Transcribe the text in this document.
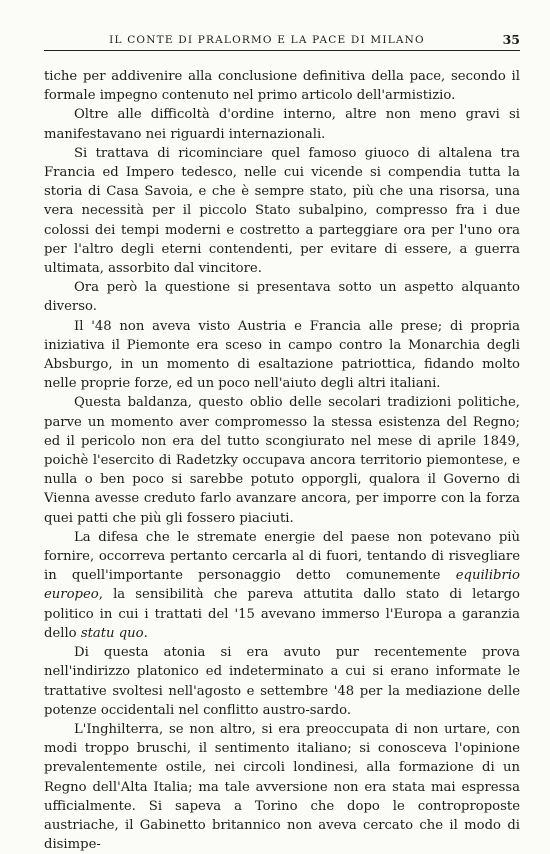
IL CONTE DI PRALORMO E LA PACE DI MILANO	35

tiche per addivenire alla conclusione definitiva della pace, secondo il formale impegno contenuto nel primo articolo dell'armistizio.

Oltre alle difficoltà d'ordine interno, altre non meno gravi si manifestavano nei riguardi internazionali.

Si trattava di ricominciare quel famoso giuoco di altalena tra Francia ed Impero tedesco, nelle cui vicende si compendia tutta la storia di Casa Savoia, e che è sempre stato, più che una risorsa, una vera necessità per il piccolo Stato subalpino, compresso fra i due colossi dei tempi moderni e costretto a parteggiare ora per l'uno ora per l'altro degli eterni contendenti, per evitare di essere, a guerra ultimata, assorbito dal vincitore.

Ora però la questione si presentava sotto un aspetto alquanto diverso.

Il '48 non aveva visto Austria e Francia alle prese; di propria iniziativa il Piemonte era sceso in campo contro la Monarchia degli Absburgo, in un momento di esaltazione patriottica, fidando molto nelle proprie forze, ed un poco nell'aiuto degli altri italiani.

Questa baldanza, questo oblio delle secolari tradizioni politiche, parve un momento aver compromesso la stessa esistenza del Regno; ed il pericolo non era del tutto scongiurato nel mese di aprile 1849, poichè l'esercito di Radetzky occupava ancora territorio piemontese, e nulla o ben poco si sarebbe potuto opporgli, qualora il Governo di Vienna avesse creduto farlo avanzare ancora, per imporre con la forza quei patti che più gli fossero piaciuti.

La difesa che le stremate energie del paese non potevano più fornire, occorreva pertanto cercarla al di fuori, tentando di risvegliare in quell'importante personaggio detto comunemente equilibrio europeo, la sensibilità che pareva attutita dallo stato di letargo politico in cui i trattati del '15 avevano immerso l'Europa a garanzia dello statu quo.

Di questa atonia si era avuto pur recentemente prova nell'indirizzo platonico ed indeterminato a cui si erano informate le trattative svoltesi nell'agosto e settembre '48 per la mediazione delle potenze occidentali nel conflitto austro-sardo.

L'Inghilterra, se non altro, si era preoccupata di non urtare, con modi troppo bruschi, il sentimento italiano; si conosceva l'opinione prevalentemente ostile, nei circoli londinesi, alla formazione di un Regno dell'Alta Italia; ma tale avversione non era stata mai espressa ufficialmente. Si sapeva a Torino che dopo le controproposte austriache, il Gabinetto britannico non aveva cercato che il modo di disimpe-
